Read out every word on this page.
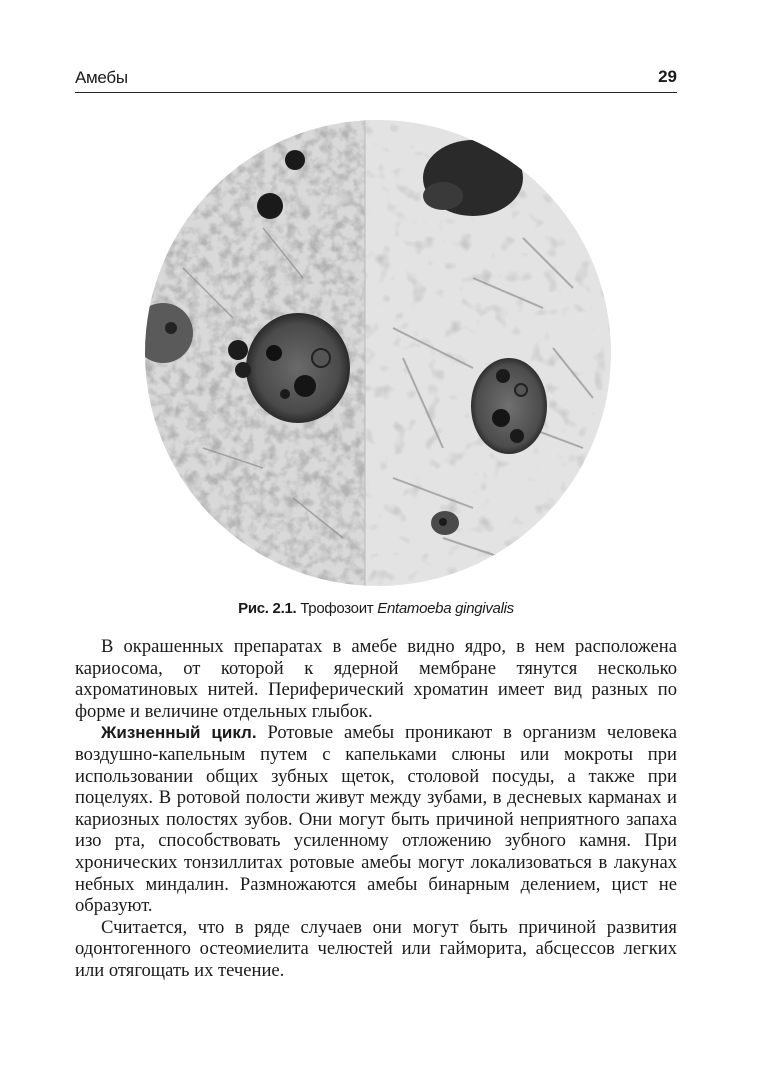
Амебы	29
Рис. 2.1. Трофозоит Entamoeba gingivalis

В окрашенных препаратах в амебе видно ядро, в нем расположена кариосома, от которой к ядерной мембране тянутся несколько ахроматиновых нитей. Периферический хроматин имеет вид разных по форме и величине отдельных глыбок.

Жизненный цикл. Ротовые амебы проникают в организм человека воздушно-капельным путем с капельками слюны или мокроты при использовании общих зубных щеток, столовой посуды, а также при поцелуях. В ротовой полости живут между зубами, в десневых карманах и кариозных полостях зубов. Они могут быть причиной неприятного запаха изо рта, способствовать усиленному отложению зубного камня. При хронических тонзиллитах ротовые амебы могут локализоваться в лакунах небных миндалин. Размножаются амебы бинарным делением, цист не образуют.

Считается, что в ряде случаев они могут быть причиной развития одонтогенного остеомиелита челюстей или гайморита, абсцессов легких или отягощать их течение.
